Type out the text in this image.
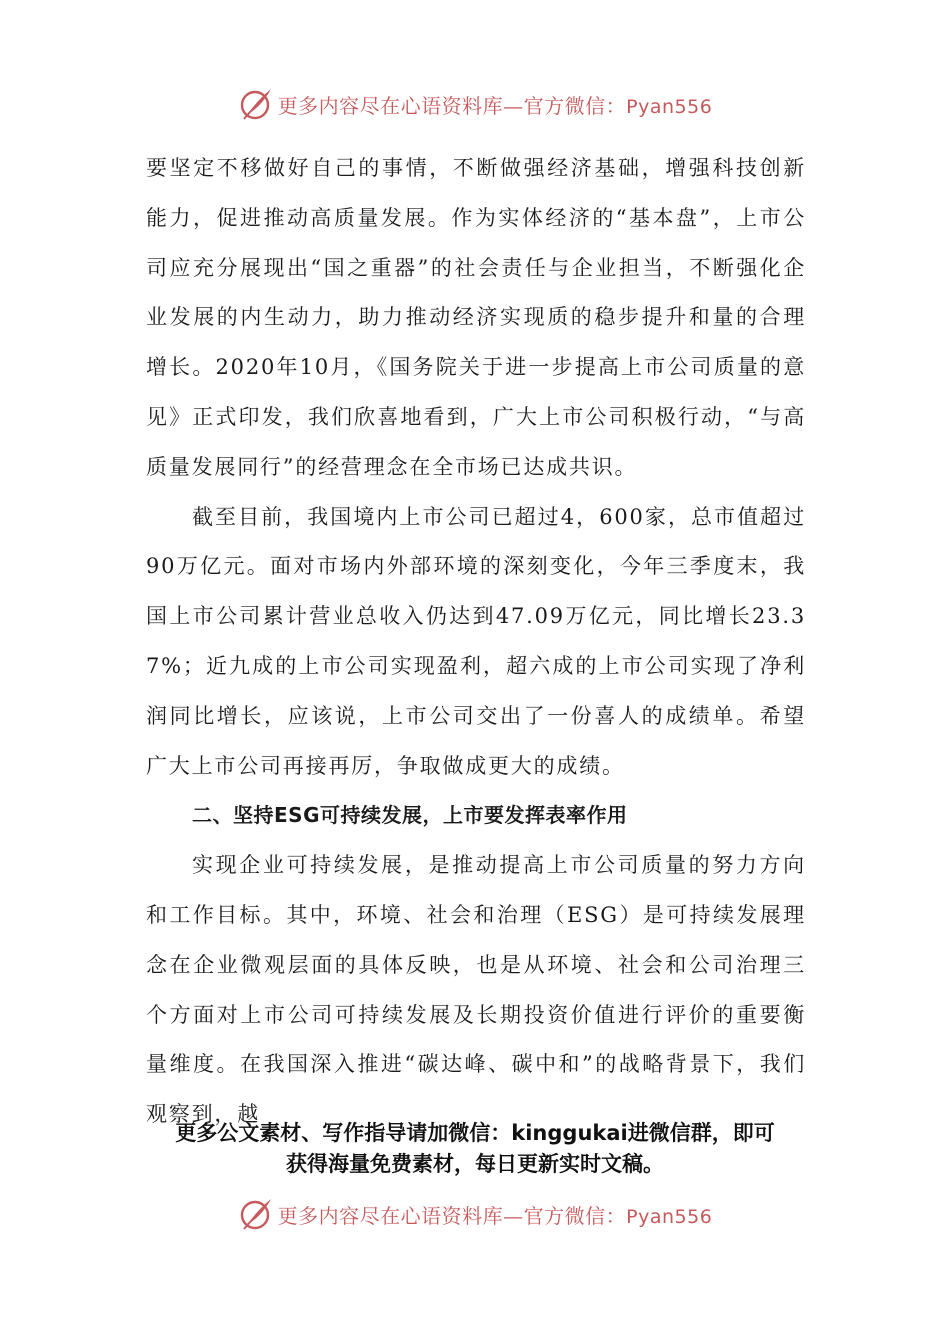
更多内容尽在心语资料库—官方微信：Pyan556

要坚定不移做好自己的事情，不断做强经济基础，增强科技创新能力，促进推动高质量发展。作为实体经济的“基本盘”，上市公司应充分展现出“国之重器”的社会责任与企业担当，不断强化企业发展的内生动力，助力推动经济实现质的稳步提升和量的合理增长。2020年10月，《国务院关于进一步提高上市公司质量的意见》正式印发，我们欣喜地看到，广大上市公司积极行动，“与高质量发展同行”的经营理念在全市场已达成共识。

截至目前，我国境内上市公司已超过4，600家，总市值超过90万亿元。面对市场内外部环境的深刻变化，今年三季度末，我国上市公司累计营业总收入仍达到47.09万亿元，同比增长23.37%；近九成的上市公司实现盈利，超六成的上市公司实现了净利润同比增长，应该说，上市公司交出了一份喜人的成绩单。希望广大上市公司再接再厉，争取做成更大的成绩。

二、坚持ESG可持续发展，上市要发挥表率作用

实现企业可持续发展，是推动提高上市公司质量的努力方向和工作目标。其中，环境、社会和治理（ESG）是可持续发展理念在企业微观层面的具体反映，也是从环境、社会和公司治理三个方面对上市公司可持续发展及长期投资价值进行评价的重要衡量维度。在我国深入推进“碳达峰、碳中和”的战略背景下，我们观察到，越

更多公文素材、写作指导请加微信：kinggukai进微信群，即可
获得海量免费素材，每日更新实时文稿。
更多内容尽在心语资料库—官方微信：Pyan556
